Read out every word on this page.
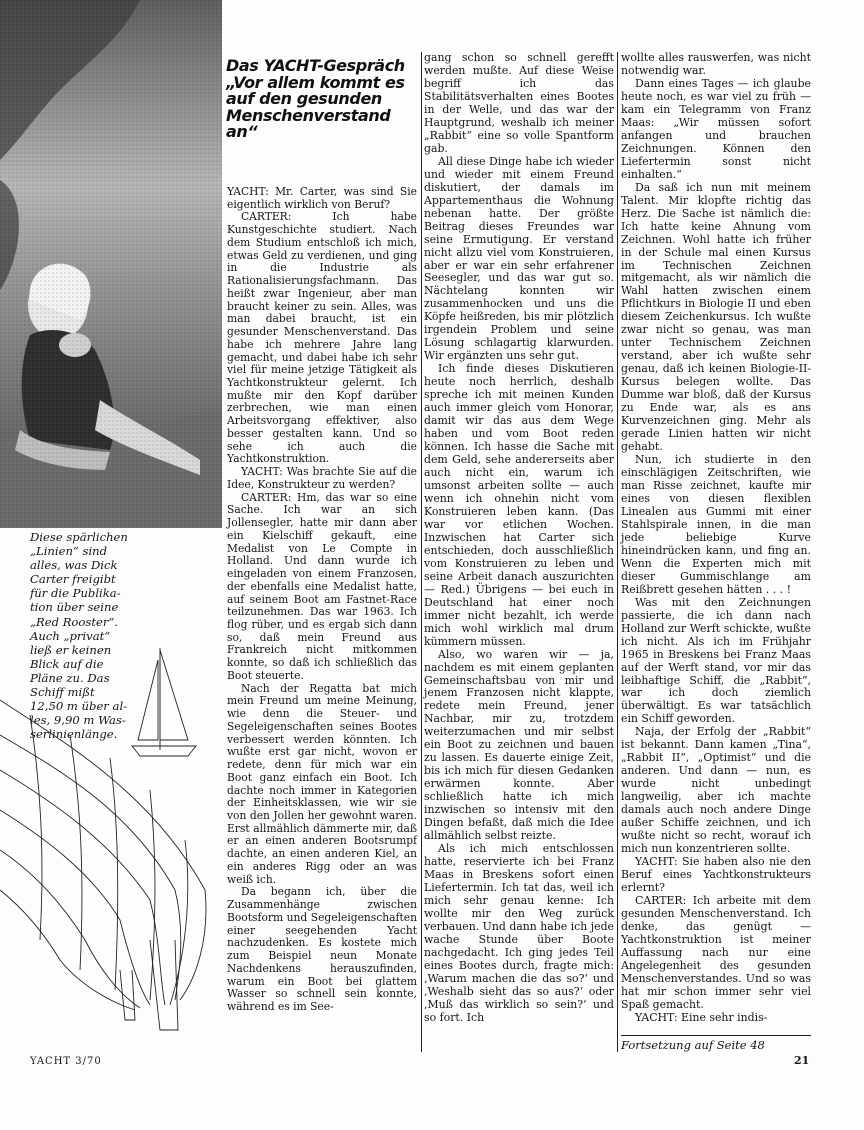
Diese spärlichen
„Linien“ sind
alles, was Dick
Carter freigibt
für die Publika-
tion über seine
„Red Rooster“.
Auch „privat“
ließ er keinen
Blick auf die
Pläne zu. Das
Schiff mißt
12,50 m über al-
les, 9,90 m Was-
serlinienlänge.
Das YACHT-Gespräch
„Vor allem kommt es auf den gesunden Menschenverstand an“

YACHT: Mr. Carter, was sind Sie eigentlich wirklich von Beruf?

CARTER: Ich habe Kunstgeschichte studiert. Nach dem Studium entschloß ich mich, etwas Geld zu verdienen, und ging in die Industrie als Rationalisierungsfachmann. Das heißt zwar Ingenieur, aber man braucht keiner zu sein. Alles, was man dabei braucht, ist ein gesunder Menschenverstand. Das habe ich mehrere Jahre lang gemacht, und dabei habe ich sehr viel für meine jetzige Tätigkeit als Yachtkonstrukteur gelernt. Ich mußte mir den Kopf darüber zerbrechen, wie man einen Arbeitsvorgang effektiver, also besser gestalten kann. Und so sehe ich auch die Yachtkonstruktion.

YACHT: Was brachte Sie auf die Idee, Konstrukteur zu werden?

CARTER: Hm, das war so eine Sache. Ich war an sich Jollensegler, hatte mir dann aber ein Kielschiff gekauft, eine Medalist von Le Compte in Holland. Und dann wurde ich eingeladen von einem Franzosen, der ebenfalls eine Medalist hatte, auf seinem Boot am Fastnet-Race teilzunehmen. Das war 1963. Ich flog rüber, und es ergab sich dann so, daß mein Freund aus Frankreich nicht mitkommen konnte, so daß ich schließlich das Boot steuerte.

Nach der Regatta bat mich mein Freund um meine Meinung, wie denn die Steuer- und Segeleigenschaften seines Bootes verbessert werden könnten. Ich wußte erst gar nicht, wovon er redete, denn für mich war ein Boot ganz einfach ein Boot. Ich dachte noch immer in Kategorien der Einheitsklassen, wie wir sie von den Jollen her gewohnt waren. Erst allmählich dämmerte mir, daß er an einen anderen Bootsrumpf dachte, an einen anderen Kiel, an ein anderes Rigg oder an was weiß ich.

Da begann ich, über die Zusammenhänge zwischen Bootsform und Segeleigenschaften einer seegehenden Yacht nachzudenken. Es kostete mich zum Beispiel neun Monate Nachdenkens herauszufinden, warum ein Boot bei glattem Wasser so schnell sein konnte, während es im See-

gang schon so schnell gerefft werden mußte. Auf diese Weise begriff ich das Stabilitätsverhalten eines Bootes in der Welle, und das war der Hauptgrund, weshalb ich meiner „Rabbit“ eine so volle Spantform gab.

All diese Dinge habe ich wieder und wieder mit einem Freund diskutiert, der damals im Appartementhaus die Wohnung nebenan hatte. Der größte Beitrag dieses Freundes war seine Ermutigung. Er verstand nicht allzu viel vom Konstruieren, aber er war ein sehr erfahrener Seesegler, und das war gut so. Nächtelang konnten wir zusammenhocken und uns die Köpfe heißreden, bis mir plötzlich irgendein Problem und seine Lösung schlagartig klarwurden. Wir ergänzten uns sehr gut.

Ich finde dieses Diskutieren heute noch herrlich, deshalb spreche ich mit meinen Kunden auch immer gleich vom Honorar, damit wir das aus dem Wege haben und vom Boot reden können. Ich hasse die Sache mit dem Geld, sehe andererseits aber auch nicht ein, warum ich umsonst arbeiten sollte — auch wenn ich ohnehin nicht vom Konstruieren leben kann. (Das war vor etlichen Wochen. Inzwischen hat Carter sich entschieden, doch ausschließlich vom Konstruieren zu leben und seine Arbeit danach auszurichten — Red.) Übrigens — bei euch in Deutschland hat einer noch immer nicht bezahlt, ich werde mich wohl wirklich mal drum kümmern müssen.

Also, wo waren wir — ja, nachdem es mit einem geplanten Gemeinschaftsbau von mir und jenem Franzosen nicht klappte, redete mein Freund, jener Nachbar, mir zu, trotzdem weiterzumachen und mir selbst ein Boot zu zeichnen und bauen zu lassen. Es dauerte einige Zeit, bis ich mich für diesen Gedanken erwärmen konnte. Aber schließlich hatte ich mich inzwischen so intensiv mit den Dingen befaßt, daß mich die Idee allmählich selbst reizte.

Als ich mich entschlossen hatte, reservierte ich bei Franz Maas in Breskens sofort einen Liefertermin. Ich tat das, weil ich mich sehr genau kenne: Ich wollte mir den Weg zurück verbauen. Und dann habe ich jede wache Stunde über Boote nachgedacht. Ich ging jedes Teil eines Bootes durch, fragte mich: ‚Warum machen die das so?‘ und ‚Weshalb sieht das so aus?‘ oder ‚Muß das wirklich so sein?‘ und so fort. Ich

wollte alles rauswerfen, was nicht notwendig war.

Dann eines Tages — ich glaube heute noch, es war viel zu früh — kam ein Telegramm von Franz Maas: „Wir müssen sofort anfangen und brauchen Zeichnungen. Können den Liefertermin sonst nicht einhalten.“

Da saß ich nun mit meinem Talent. Mir klopfte richtig das Herz. Die Sache ist nämlich die: Ich hatte keine Ahnung vom Zeichnen. Wohl hatte ich früher in der Schule mal einen Kursus im Technischen Zeichnen mitgemacht, als wir nämlich die Wahl hatten zwischen einem Pflichtkurs in Biologie II und eben diesem Zeichenkursus. Ich wußte zwar nicht so genau, was man unter Technischem Zeichnen verstand, aber ich wußte sehr genau, daß ich keinen Biologie-II-Kursus belegen wollte. Das Dumme war bloß, daß der Kursus zu Ende war, als es ans Kurvenzeichnen ging. Mehr als gerade Linien hatten wir nicht gehabt.

Nun, ich studierte in den einschlägigen Zeitschriften, wie man Risse zeichnet, kaufte mir eines von diesen flexiblen Linealen aus Gummi mit einer Stahlspirale innen, in die man jede beliebige Kurve hineindrücken kann, und fing an. Wenn die Experten mich mit dieser Gummischlange am Reißbrett gesehen hätten . . . !

Was mit den Zeichnungen passierte, die ich dann nach Holland zur Werft schickte, wußte ich nicht. Als ich im Frühjahr 1965 in Breskens bei Franz Maas auf der Werft stand, vor mir das leibhaftige Schiff, die „Rabbit“, war ich doch ziemlich überwältigt. Es war tatsächlich ein Schiff geworden.

Naja, der Erfolg der „Rabbit“ ist bekannt. Dann kamen „Tina“, „Rabbit II“, „Optimist“ und die anderen. Und dann — nun, es wurde nicht unbedingt langweilig, aber ich machte damals auch noch andere Dinge außer Schiffe zeichnen, und ich wußte nicht so recht, worauf ich mich nun konzentrieren sollte.

YACHT: Sie haben also nie den Beruf eines Yachtkonstrukteurs erlernt?

CARTER: Ich arbeite mit dem gesunden Menschenverstand. Ich denke, das genügt — Yachtkonstruktion ist meiner Auffassung nach nur eine Angelegenheit des gesunden Menschenverstandes. Und so was hat mir schon immer sehr viel Spaß gemacht.

YACHT: Eine sehr indis-

Fortsetzung auf Seite 48
YACHT 3/70	21
